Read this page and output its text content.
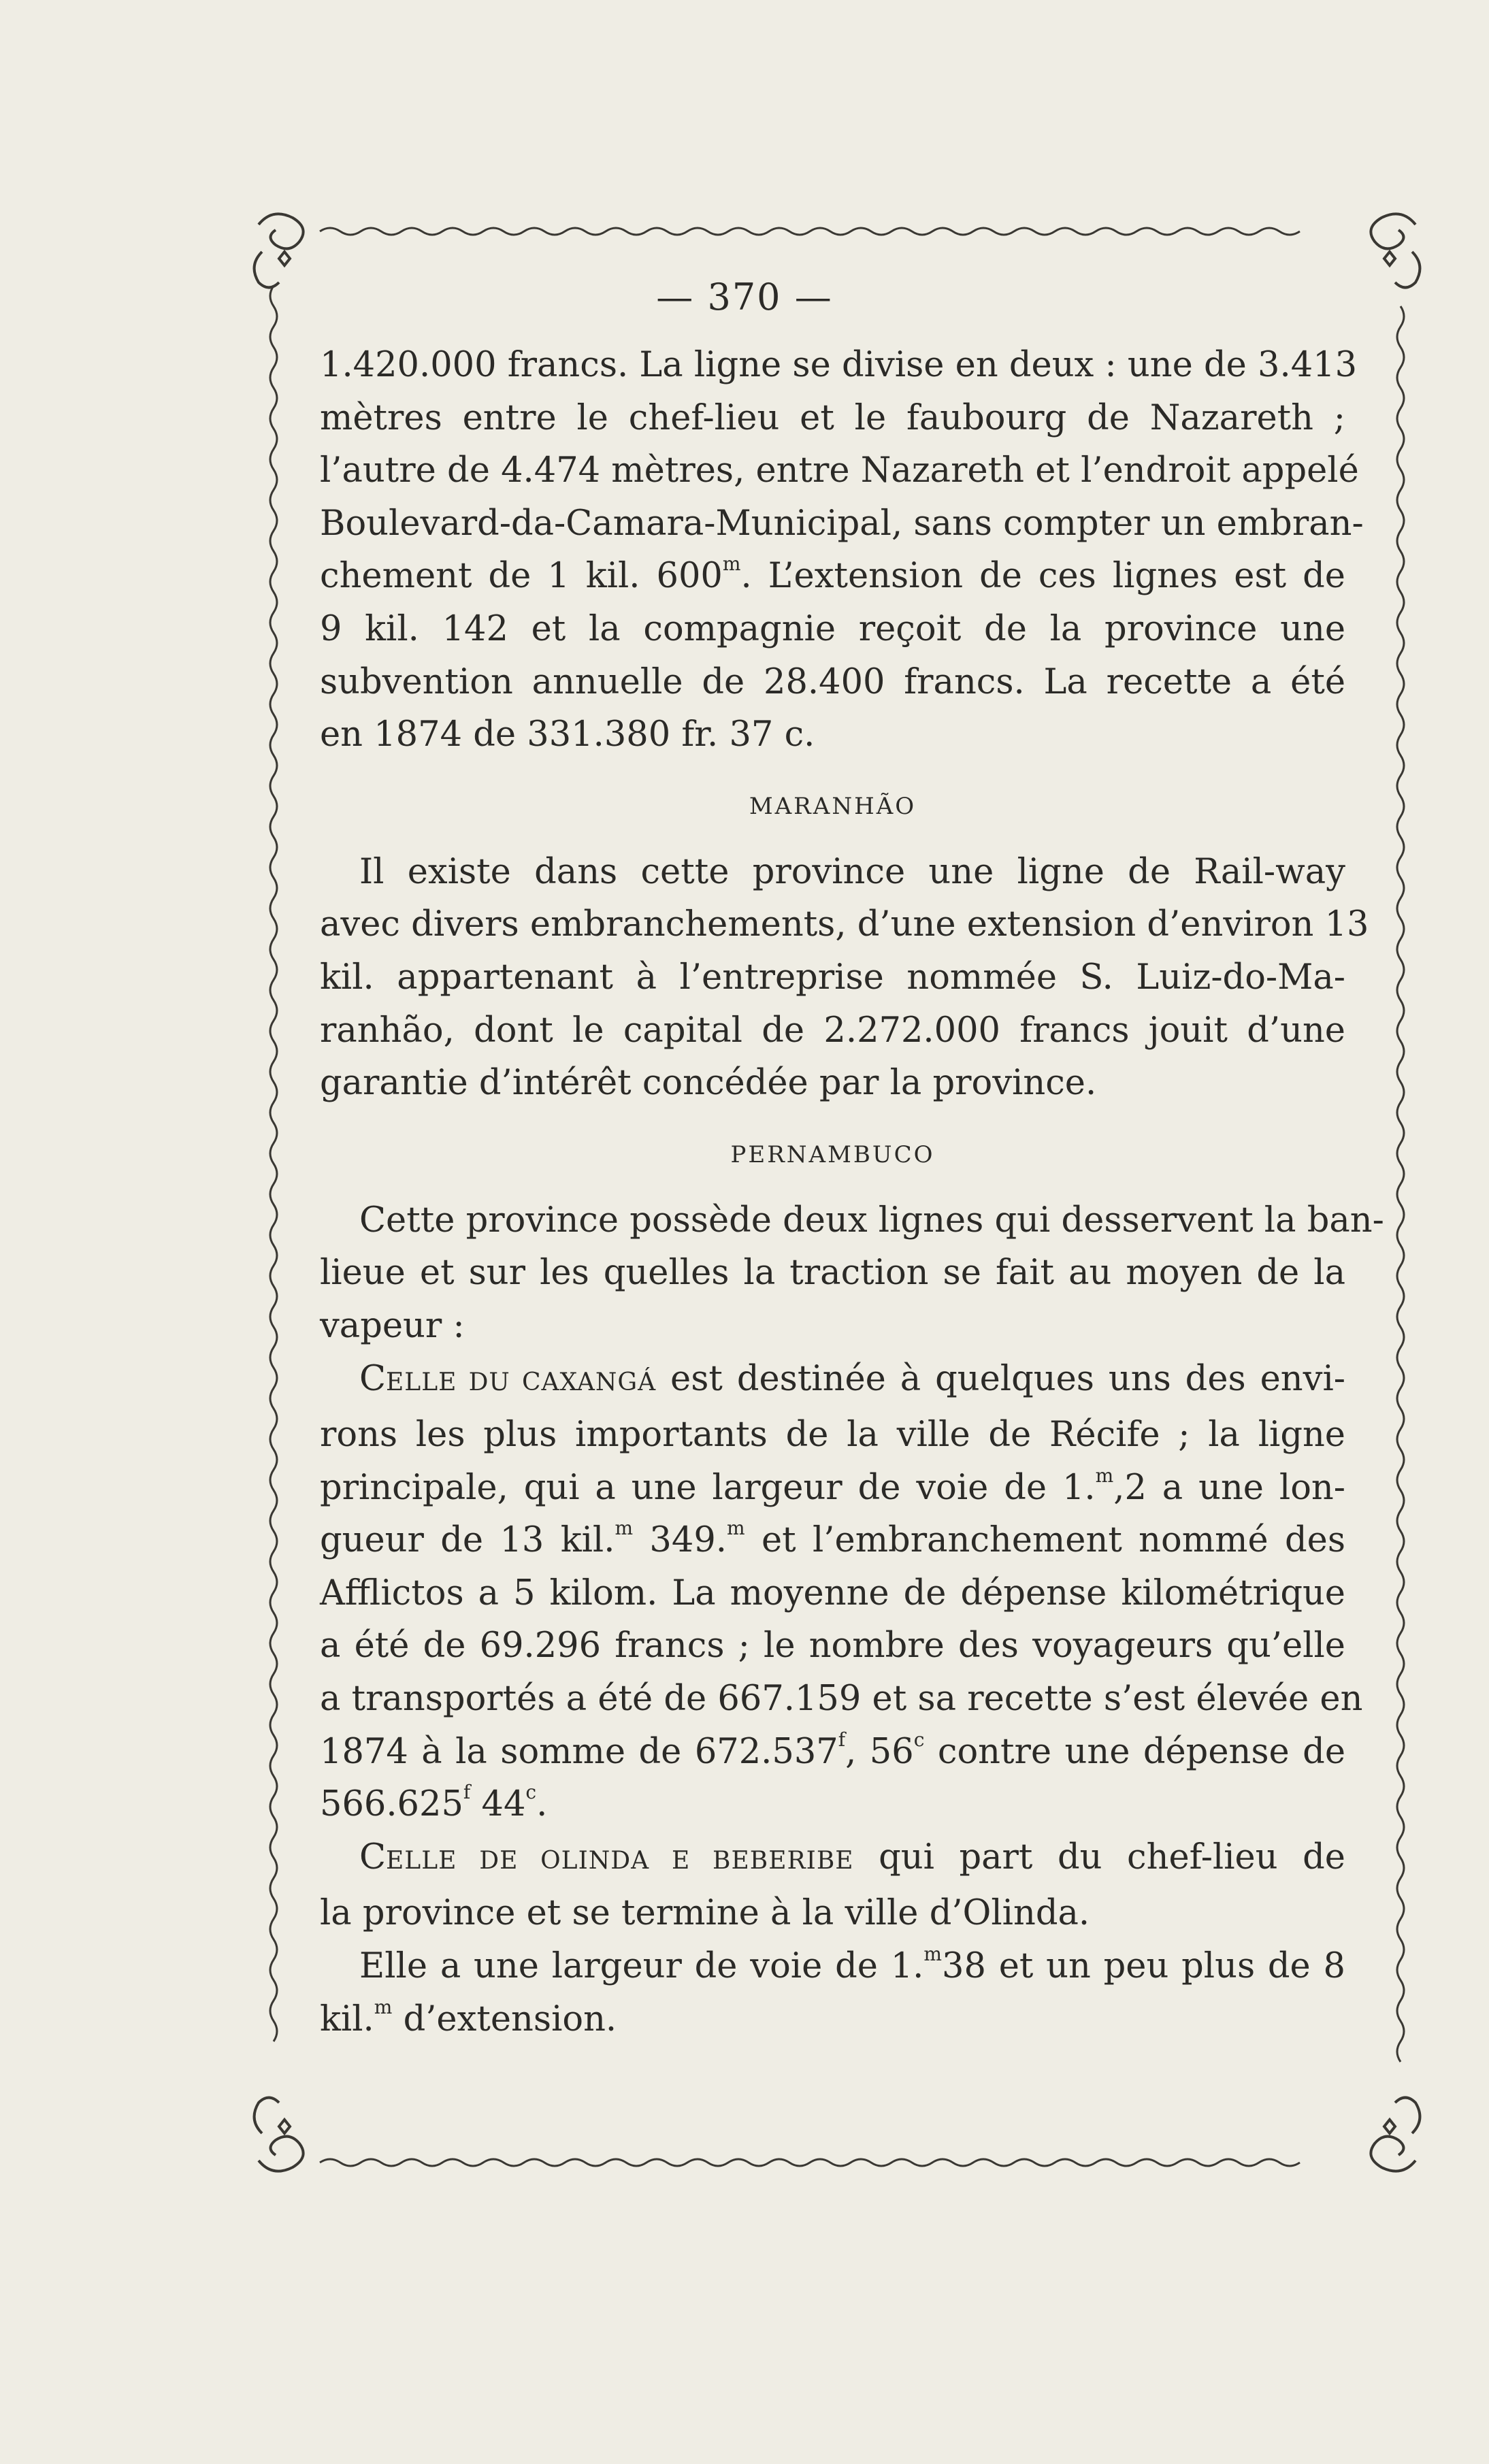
— 370 —
1.420.000 francs. La ligne se divise en deux : une de 3.413
mètres entre le chef-lieu et le faubourg de Nazareth ;
l’autre de 4.474 mètres, entre Nazareth et l’endroit appelé
Boulevard-da-Camara-Municipal, sans compter un embran-
chement de 1 kil. 600$^m$. L’extension de ces lignes est de
9 kil. 142 et la compagnie reçoit de la province une
subvention annuelle de 28.400 francs. La recette a été
en 1874 de 331.380 fr. 37 c.
MARANHÃO
Il existe dans cette province une ligne de Rail-way
avec divers embranchements, d’une extension d’environ 13
kil. appartenant à l’entreprise nommée S. Luiz-do-Ma-
ranhão, dont le capital de 2.272.000 francs jouit d’une
garantie d’intérêt concédée par la province.
PERNAMBUCO
Cette province possède deux lignes qui desservent la ban-
lieue et sur les quelles la traction se fait au moyen de la
vapeur :
CELLE DU CAXANGÁ est destinée à quelques uns des envi-
rons les plus importants de la ville de Récife ; la ligne
principale, qui a une largeur de voie de 1.$^m$,2 a une lon-
gueur de 13 kil.$^m$ 349.$^m$ et l’embranchement nommé des
Afflictos a 5 kilom. La moyenne de dépense kilométrique
a été de 69.296 francs ; le nombre des voyageurs qu’elle
a transportés a été de 667.159 et sa recette s’est élevée en
1874 à la somme de 672.537$^f$, 56$^c$ contre une dépense de
566.625$^f$ 44$^c$.
CELLE DE OLINDA E BEBERIBE qui part du chef-lieu de
la province et se termine à la ville d’Olinda.
Elle a une largeur de voie de 1.$^m$38 et un peu plus de 8
kil.$^m$ d’extension.
